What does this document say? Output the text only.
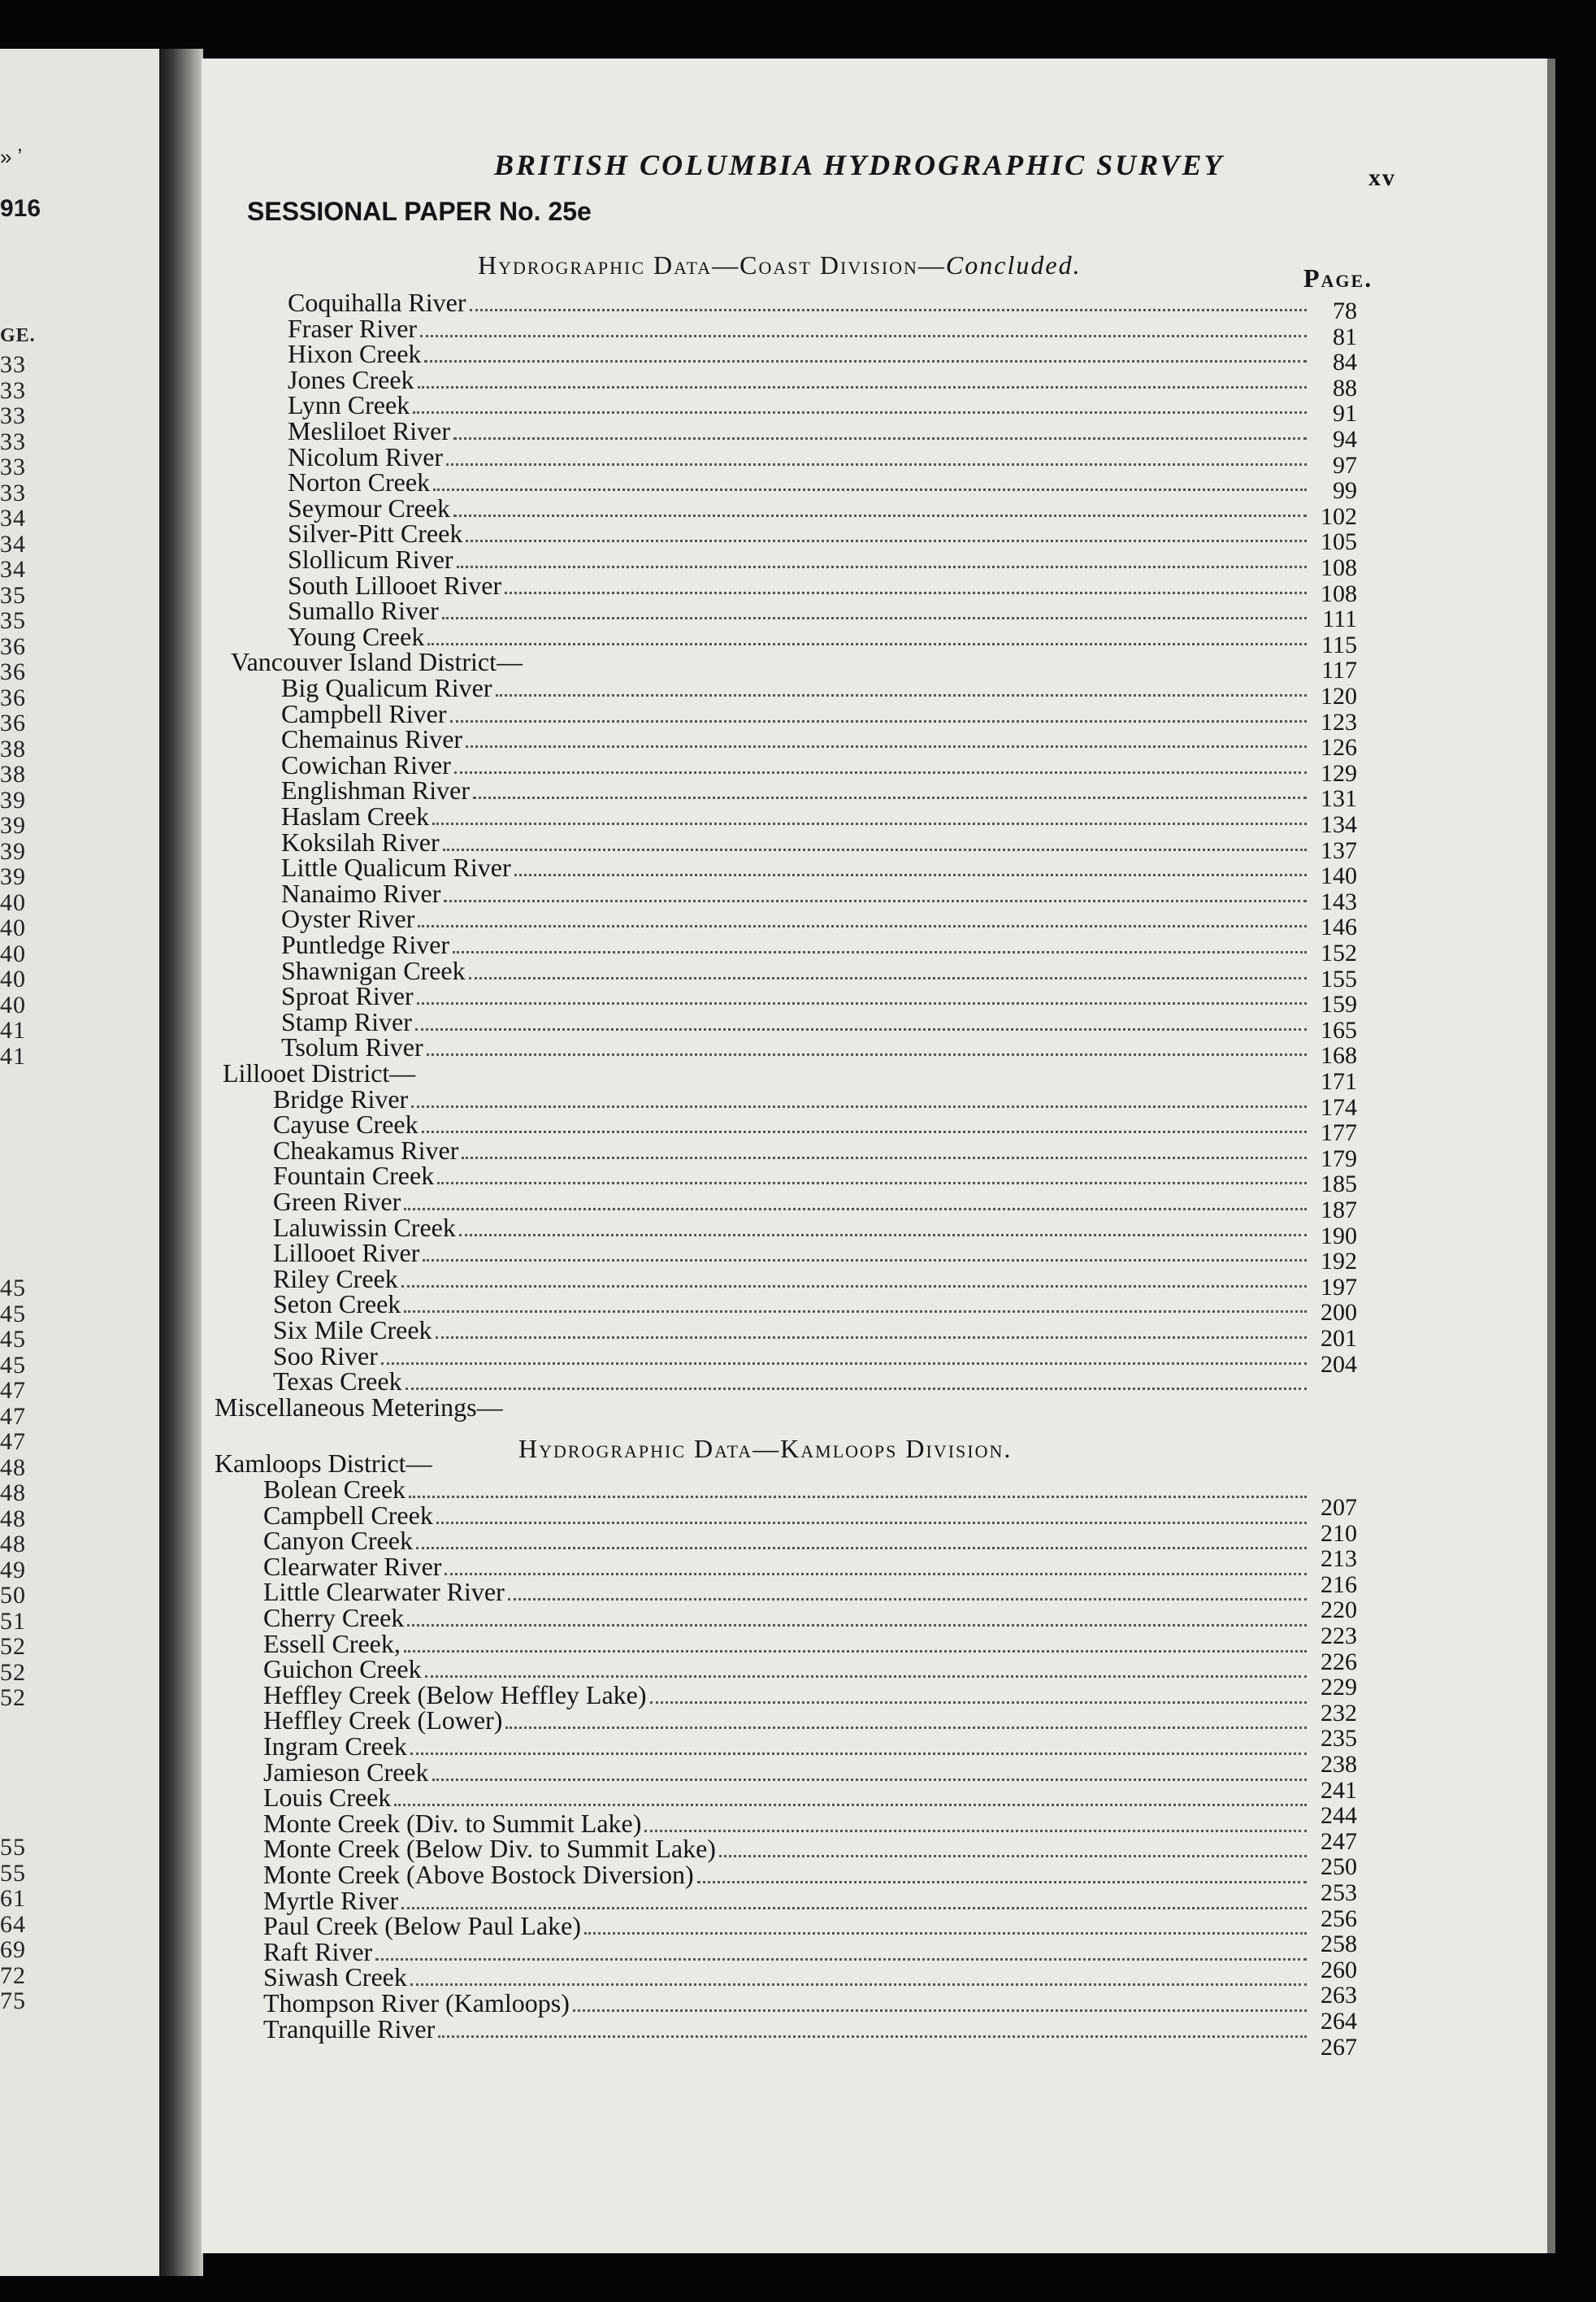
» ʼ
916
GE.
33
33
33
33
33
33
34
34
34
35
35
36
36
36
36
38
38
39
39
39
39
40
40
40
40
40
41
41
45
45
45
45
47
47
47
48
48
48
48
49
50
51
52
52
52
55
55
61
64
69
72
75
BRITISH COLUMBIA HYDROGRAPHIC SURVEY	xv
SESSIONAL PAPER No. 25e
Hydrographic Data—Coast Division—Concluded.	Page.
Coquihalla River
Fraser River
Hixon Creek
Jones Creek
Lynn Creek
Mesliloet River
Nicolum River
Norton Creek
Seymour Creek
Silver-Pitt Creek
Slollicum River
South Lillooet River
Sumallo River
Young Creek
Vancouver Island District—
Big Qualicum River
Campbell River
Chemainus River
Cowichan River
Englishman River
Haslam Creek
Koksilah River
Little Qualicum River
Nanaimo River
Oyster River
Puntledge River
Shawnigan Creek
Sproat River
Stamp River
Tsolum River
Lillooet District—
Bridge River
Cayuse Creek
Cheakamus River
Fountain Creek
Green River
Laluwissin Creek
Lillooet River
Riley Creek
Seton Creek
Six Mile Creek
Soo River
Texas Creek
Miscellaneous Meterings—
78
81
84
88
91
94
97
99
102
105
108
108
111
115
117
120
123
126
129
131
134
137
140
143
146
152
155
159
165
168
171
174
177
179
185
187
190
192
197
200
201
204
Kamloops District—
Bolean Creek
Campbell Creek
Canyon Creek
Clearwater River
Little Clearwater River
Cherry Creek
Essell Creek,
Guichon Creek
Heffley Creek (Below Heffley Lake)
Heffley Creek (Lower)
Ingram Creek
Jamieson Creek
Louis Creek
Monte Creek (Div. to Summit Lake)
Monte Creek (Below Div. to Summit Lake)
Monte Creek (Above Bostock Diversion)
Myrtle River
Paul Creek (Below Paul Lake)
Raft River
Siwash Creek
Thompson River (Kamloops)
Tranquille River
207
210
213
216
220
223
226
229
232
235
238
241
244
247
250
253
256
258
260
263
264
267
Hydrographic Data—Kamloops Division.
